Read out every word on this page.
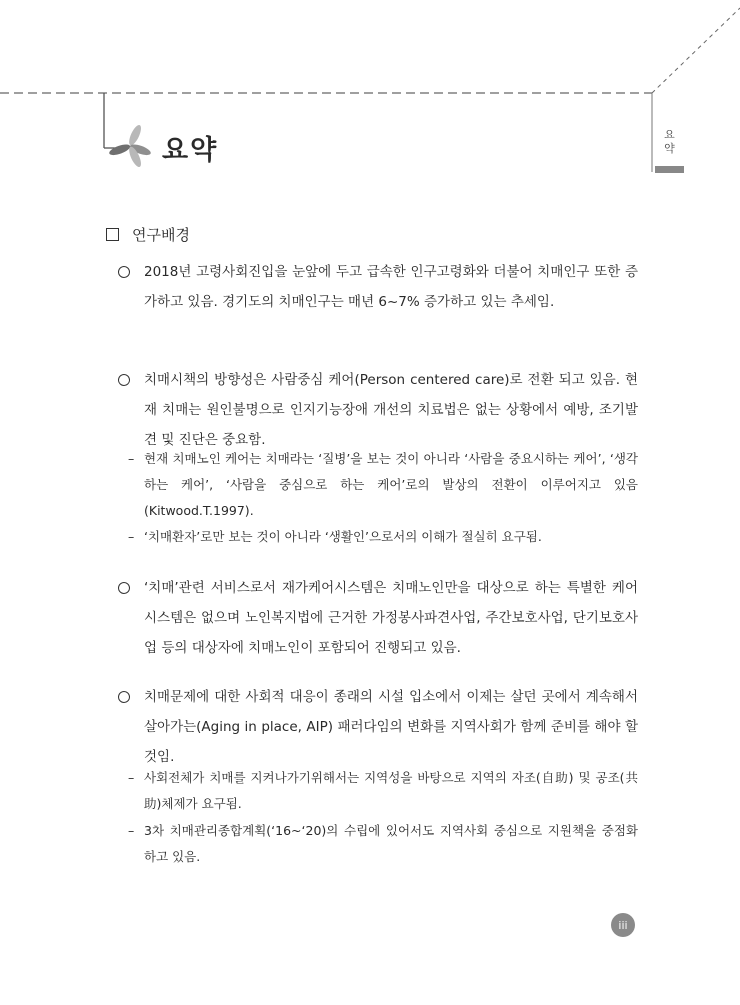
요약
요
약
연구배경
2018년 고령사회진입을 눈앞에 두고 급속한 인구고령화와 더불어 치매인구 또한 증가하고 있음. 경기도의 치매인구는 매년 6~7% 증가하고 있는 추세임.
치매시책의 방향성은 사람중심 케어(Person centered care)로 전환 되고 있음. 현재 치매는 원인불명으로 인지기능장애 개선의 치료법은 없는 상황에서 예방, 조기발견 및 진단은 중요함.
– 현재 치매노인 케어는 치매라는 ‘질병’을 보는 것이 아니라 ‘사람을 중요시하는 케어’, ‘생각하는 케어’, ‘사람을 중심으로 하는 케어’로의 발상의 전환이 이루어지고 있음(Kitwood.T.1997).
– ‘치매환자’로만 보는 것이 아니라 ‘생활인’으로서의 이해가 절실히 요구됨.
‘치매’관련 서비스로서 재가케어시스템은 치매노인만을 대상으로 하는 특별한 케어시스템은 없으며 노인복지법에 근거한 가정봉사파견사업, 주간보호사업, 단기보호사업 등의 대상자에 치매노인이 포함되어 진행되고 있음.
치매문제에 대한 사회적 대응이 종래의 시설 입소에서 이제는 살던 곳에서 계속해서 살아가는(Aging in place, AIP) 패러다임의 변화를 지역사회가 함께 준비를 해야 할 것임.
– 사회전체가 치매를 지켜나가기위해서는 지역성을 바탕으로 지역의 자조(自助) 및 공조(共助)체제가 요구됨.
– 3차 치매관리종합계획(‘16~‘20)의 수립에 있어서도 지역사회 중심으로 지원책을 중점화하고 있음.
iii
